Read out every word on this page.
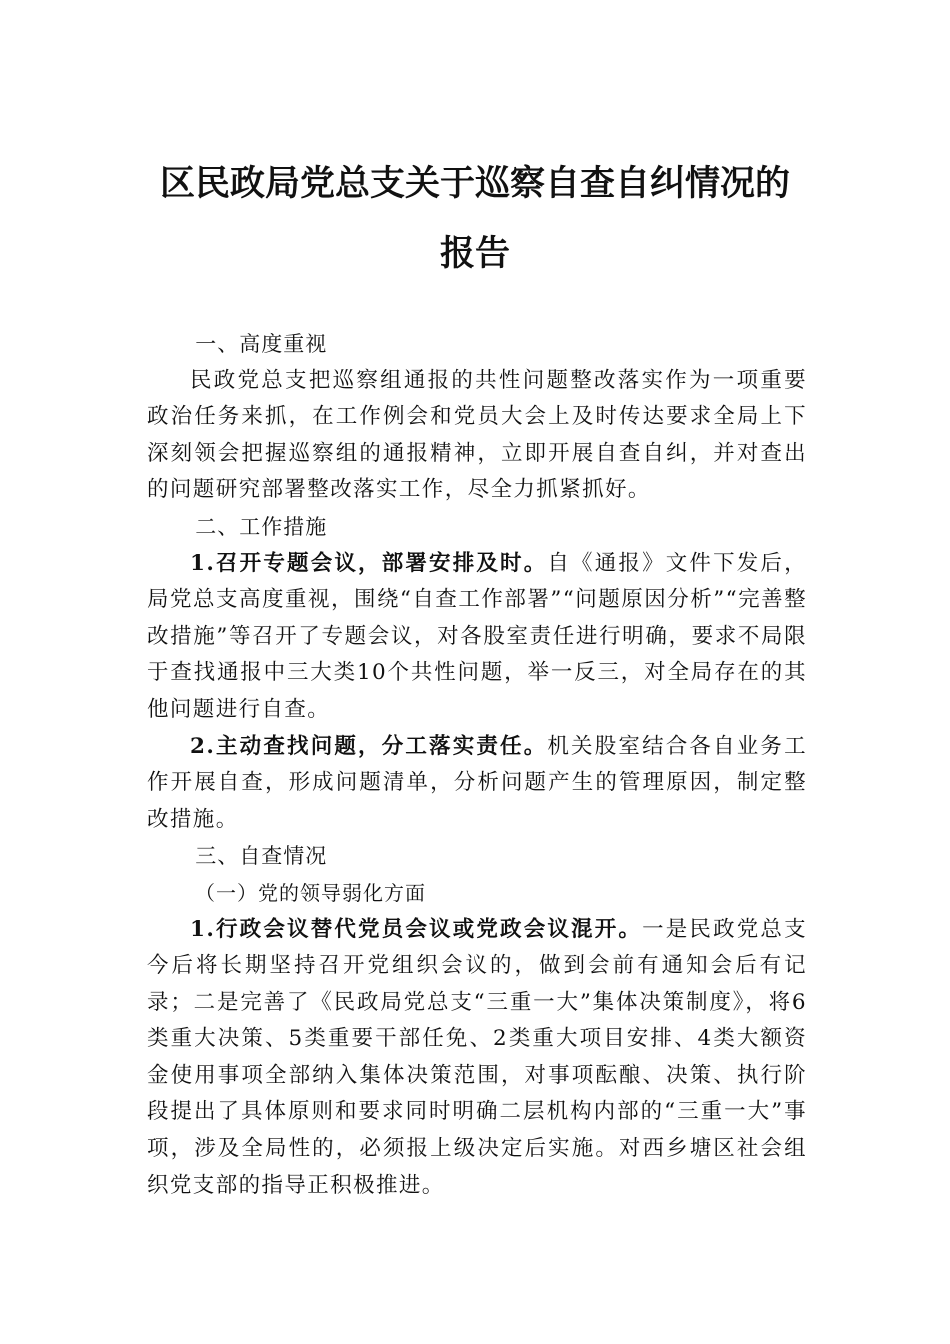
区民政局党总支关于巡察自查自纠情况的
报告

一、高度重视

民政党总支把巡察组通报的共性问题整改落实作为一项重要政治任务来抓，在工作例会和党员大会上及时传达要求全局上下深刻领会把握巡察组的通报精神，立即开展自查自纠，并对查出的问题研究部署整改落实工作，尽全力抓紧抓好。

二、工作措施

1.召开专题会议，部署安排及时。自《通报》文件下发后，局党总支高度重视，围绕“自查工作部署”“问题原因分析”“完善整改措施”等召开了专题会议，对各股室责任进行明确，要求不局限于查找通报中三大类10个共性问题，举一反三，对全局存在的其他问题进行自查。

2.主动查找问题，分工落实责任。机关股室结合各自业务工作开展自查，形成问题清单，分析问题产生的管理原因，制定整改措施。

三、自查情况

（一）党的领导弱化方面

1.行政会议替代党员会议或党政会议混开。一是民政党总支今后将长期坚持召开党组织会议的，做到会前有通知会后有记录；二是完善了《民政局党总支“三重一大”集体决策制度》，将6类重大决策、5类重要干部任免、2类重大项目安排、4类大额资金使用事项全部纳入集体决策范围，对事项酝酿、决策、执行阶段提出了具体原则和要求同时明确二层机构内部的“三重一大”事项，涉及全局性的，必须报上级决定后实施。对西乡塘区社会组织党支部的指导正积极推进。
